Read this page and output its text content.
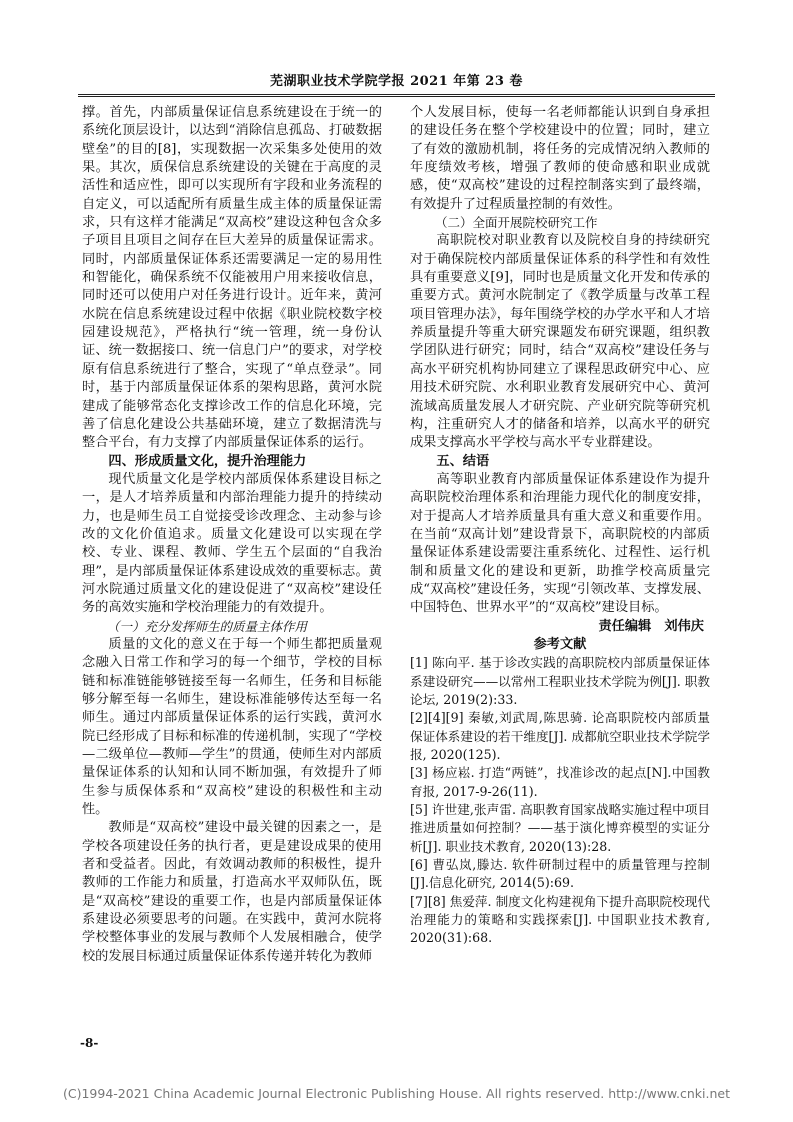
芜湖职业技术学院学报 2021 年第 23 卷

撑。首先，内部质量保证信息系统建设在于统一的系统化顶层设计，以达到“消除信息孤岛、打破数据壁垒”的目的[8]，实现数据一次采集多处使用的效果。其次，质保信息系统建设的关键在于高度的灵活性和适应性，即可以实现所有字段和业务流程的自定义，可以适配所有质量生成主体的质量保证需求，只有这样才能满足“双高校”建设这种包含众多子项目且项目之间存在巨大差异的质量保证需求。同时，内部质量保证体系还需要满足一定的易用性和智能化，确保系统不仅能被用户用来接收信息，同时还可以使用户对任务进行设计。近年来，黄河水院在信息系统建设过程中依据《职业院校数字校园建设规范》，严格执行“统一管理，统一身份认证、统一数据接口、统一信息门户”的要求，对学校原有信息系统进行了整合，实现了“单点登录”。同时，基于内部质量保证体系的架构思路，黄河水院建成了能够常态化支撑诊改工作的信息化环境，完善了信息化建设公共基础环境，建立了数据清洗与整合平台，有力支撑了内部质量保证体系的运行。

四、形成质量文化，提升治理能力

现代质量文化是学校内部质保体系建设目标之一，是人才培养质量和内部治理能力提升的持续动力，也是师生员工自觉接受诊改理念、主动参与诊改的文化价值追求。质量文化建设可以实现在学校、专业、课程、教师、学生五个层面的“自我治理”，是内部质量保证体系建设成效的重要标志。黄河水院通过质量文化的建设促进了“双高校”建设任务的高效实施和学校治理能力的有效提升。

（一）充分发挥师生的质量主体作用

质量的文化的意义在于每一个师生都把质量观念融入日常工作和学习的每一个细节，学校的目标链和标准链能够链接至每一名师生，任务和目标能够分解至每一名师生，建设标准能够传达至每一名师生。通过内部质量保证体系的运行实践，黄河水院已经形成了目标和标准的传递机制，实现了“学校—二级单位—教师—学生”的贯通，使师生对内部质量保证体系的认知和认同不断加强，有效提升了师生参与质保体系和“双高校”建设的积极性和主动性。

教师是“双高校”建设中最关键的因素之一，是学校各项建设任务的执行者，更是建设成果的使用者和受益者。因此，有效调动教师的积极性，提升教师的工作能力和质量，打造高水平双师队伍，既是“双高校”建设的重要工作，也是内部质量保证体系建设必须要思考的问题。在实践中，黄河水院将学校整体事业的发展与教师个人发展相融合，使学校的发展目标通过质量保证体系传递并转化为教师

个人发展目标，使每一名老师都能认识到自身承担的建设任务在整个学校建设中的位置；同时，建立了有效的激励机制，将任务的完成情况纳入教师的年度绩效考核，增强了教师的使命感和职业成就感，使“双高校”建设的过程控制落实到了最终端，有效提升了过程质量控制的有效性。

（二）全面开展院校研究工作

高职院校对职业教育以及院校自身的持续研究对于确保院校内部质量保证体系的科学性和有效性具有重要意义[9]，同时也是质量文化开发和传承的重要方式。黄河水院制定了《教学质量与改革工程项目管理办法》，每年围绕学校的办学水平和人才培养质量提升等重大研究课题发布研究课题，组织教学团队进行研究；同时，结合“双高校”建设任务与高水平研究机构协同建立了课程思政研究中心、应用技术研究院、水利职业教育发展研究中心、黄河流域高质量发展人才研究院、产业研究院等研究机构，注重研究人才的储备和培养，以高水平的研究成果支撑高水平学校与高水平专业群建设。

五、结语

高等职业教育内部质量保证体系建设作为提升高职院校治理体系和治理能力现代化的制度安排，对于提高人才培养质量具有重大意义和重要作用。在当前“双高计划”建设背景下，高职院校的内部质量保证体系建设需要注重系统化、过程性、运行机制和质量文化的建设和更新，助推学校高质量完成“双高校”建设任务，实现“引领改革、支撑发展、中国特色、世界水平”的“双高校”建设目标。

责任编辑　刘伟庆

参考文献

[1] 陈向平. 基于诊改实践的高职院校内部质量保证体系建设研究——以常州工程职业技术学院为例[J]. 职教论坛, 2019(2):33.

[2][4][9] 秦敏,刘武周,陈思骑. 论高职院校内部质量保证体系建设的若干维度[J]. 成都航空职业技术学院学报, 2020(125).

[3] 杨应崧. 打造“两链”，找准诊改的起点[N].中国教育报, 2017-9-26(11).

[5] 许世建,张声雷. 高职教育国家战略实施过程中项目推进质量如何控制？——基于演化博弈模型的实证分析[J]. 职业技术教育, 2020(13):28.

[6] 曹弘岚,滕达. 软件研制过程中的质量管理与控制[J].信息化研究, 2014(5):69.

[7][8] 焦爱萍. 制度文化构建视角下提升高职院校现代治理能力的策略和实践探索[J]. 中国职业技术教育, 2020(31):68.

-8-
(C)1994-2021 China Academic Journal Electronic Publishing House. All rights reserved. http://www.cnki.net
